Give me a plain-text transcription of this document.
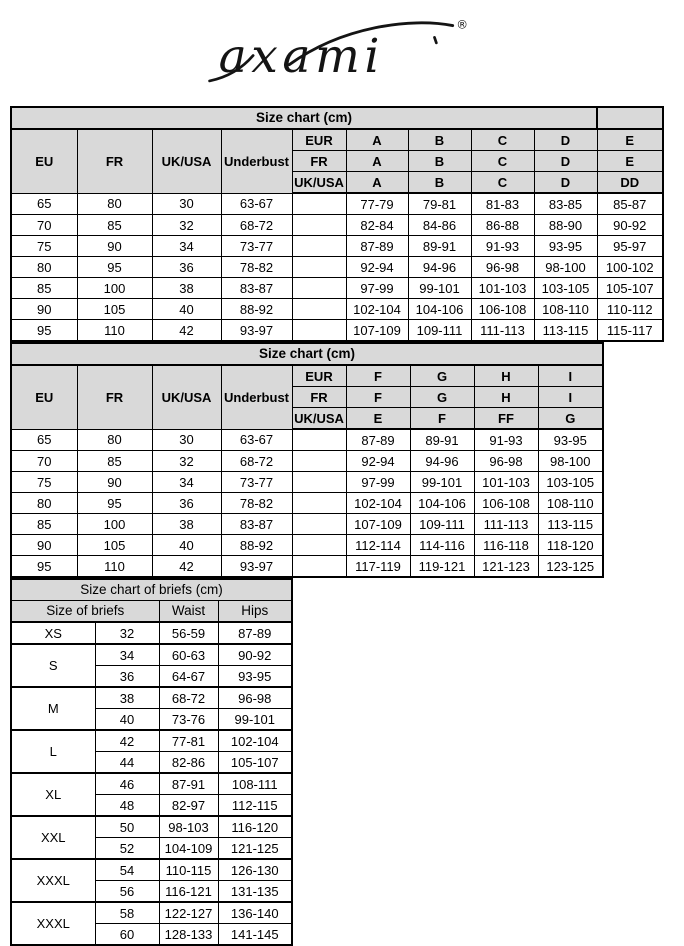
axami
®
Size chart (cm)									
EU	FR	UK/USA	Underbust	EUR	A	B	C	D	E
				FR	A	B	C	D	E
				UK/USA	A	B	C	D	DD
65	80	30	63-67		77-79	79-81	81-83	83-85	85-87
70	85	32	68-72		82-84	84-86	86-88	88-90	90-92
75	90	34	73-77		87-89	89-91	91-93	93-95	95-97
80	95	36	78-82		92-94	94-96	96-98	98-100	100-102
85	100	38	83-87		97-99	99-101	101-103	103-105	105-107
90	105	40	88-92		102-104	104-106	106-108	108-110	110-112
95	110	42	93-97		107-109	109-111	111-113	113-115	115-117
Size chart (cm)								
EU	FR	UK/USA	Underbust	EUR	F	G	H	I
				FR	F	G	H	I
				UK/USA	E	F	FF	G
65	80	30	63-67		87-89	89-91	91-93	93-95
70	85	32	68-72		92-94	94-96	96-98	98-100
75	90	34	73-77		97-99	99-101	101-103	103-105
80	95	36	78-82		102-104	104-106	106-108	108-110
85	100	38	83-87		107-109	109-111	111-113	113-115
90	105	40	88-92		112-114	114-116	116-118	118-120
95	110	42	93-97		117-119	119-121	121-123	123-125
Size chart of briefs (cm)			
Size of briefs		Waist	Hips
XS	32	56-59	87-89
S	34	60-63	90-92
	36	64-67	93-95
M	38	68-72	96-98
	40	73-76	99-101
L	42	77-81	102-104
	44	82-86	105-107
XL	46	87-91	108-111
	48	82-97	112-115
XXL	50	98-103	116-120
	52	104-109	121-125
XXXL	54	110-115	126-130
	56	116-121	131-135
XXXL	58	122-127	136-140
	60	128-133	141-145
